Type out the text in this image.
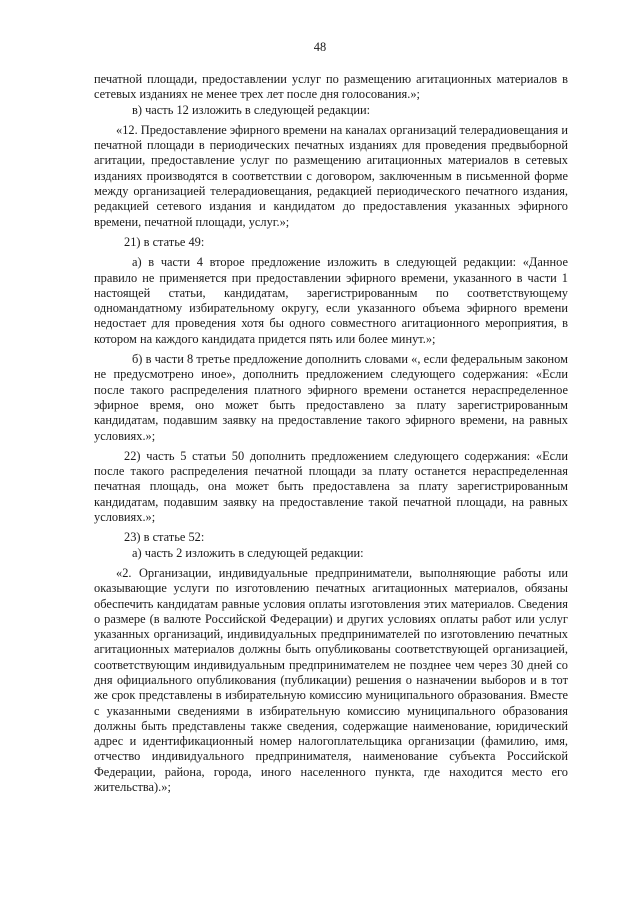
48

печатной площади, предоставлении услуг по размещению агитационных материалов в сетевых изданиях не менее трех лет после дня голосования.»;

в) часть 12 изложить в следующей редакции:

«12. Предоставление эфирного времени на каналах организаций телерадиовещания и печатной площади в периодических печатных изданиях для проведения предвыборной агитации, предоставление услуг по размещению агитационных материалов в сетевых изданиях производятся в соответствии с договором, заключенным в письменной форме между организацией телерадиовещания, редакцией периодического печатного издания, редакцией сетевого издания и кандидатом до предоставления указанных эфирного времени, печатной площади, услуг.»;

21) в статье 49:

а) в части 4 второе предложение изложить в следующей редакции: «Данное правило не применяется при предоставлении эфирного времени, указанного в части 1 настоящей статьи, кандидатам, зарегистрированным по соответствующему одномандатному избирательному округу, если указанного объема эфирного времени недостает для проведения хотя бы одного совместного агитационного мероприятия, в котором на каждого кандидата придется пять или более минут.»;

б) в части 8 третье предложение дополнить словами «, если федеральным законом не предусмотрено иное», дополнить предложением следующего содержания: «Если после такого распределения платного эфирного времени останется нераспределенное эфирное время, оно может быть предоставлено за плату зарегистрированным кандидатам, подавшим заявку на предоставление такого эфирного времени, на равных условиях.»;

22) часть 5 статьи 50 дополнить предложением следующего содержания: «Если после такого распределения печатной площади за плату останется нераспределенная печатная площадь, она может быть предоставлена за плату зарегистрированным кандидатам, подавшим заявку на предоставление такой печатной площади, на равных условиях.»;

23) в статье 52:

а) часть 2 изложить в следующей редакции:

«2. Организации, индивидуальные предприниматели, выполняющие работы или оказывающие услуги по изготовлению печатных агитационных материалов, обязаны обеспечить кандидатам равные условия оплаты изготовления этих материалов. Сведения о размере (в валюте Российской Федерации) и других условиях оплаты работ или услуг указанных организаций, индивидуальных предпринимателей по изготовлению печатных агитационных материалов должны быть опубликованы соответствующей организацией, соответствующим индивидуальным предпринимателем не позднее чем через 30 дней со дня официального опубликования (публикации) решения о назначении выборов и в тот же срок представлены в избирательную комиссию муниципального образования. Вместе с указанными сведениями в избирательную комиссию муниципального образования должны быть представлены также сведения, содержащие наименование, юридический адрес и идентификационный номер налогоплательщика организации (фамилию, имя, отчество индивидуального предпринимателя, наименование субъекта Российской Федерации, района, города, иного населенного пункта, где находится место его жительства).»;
